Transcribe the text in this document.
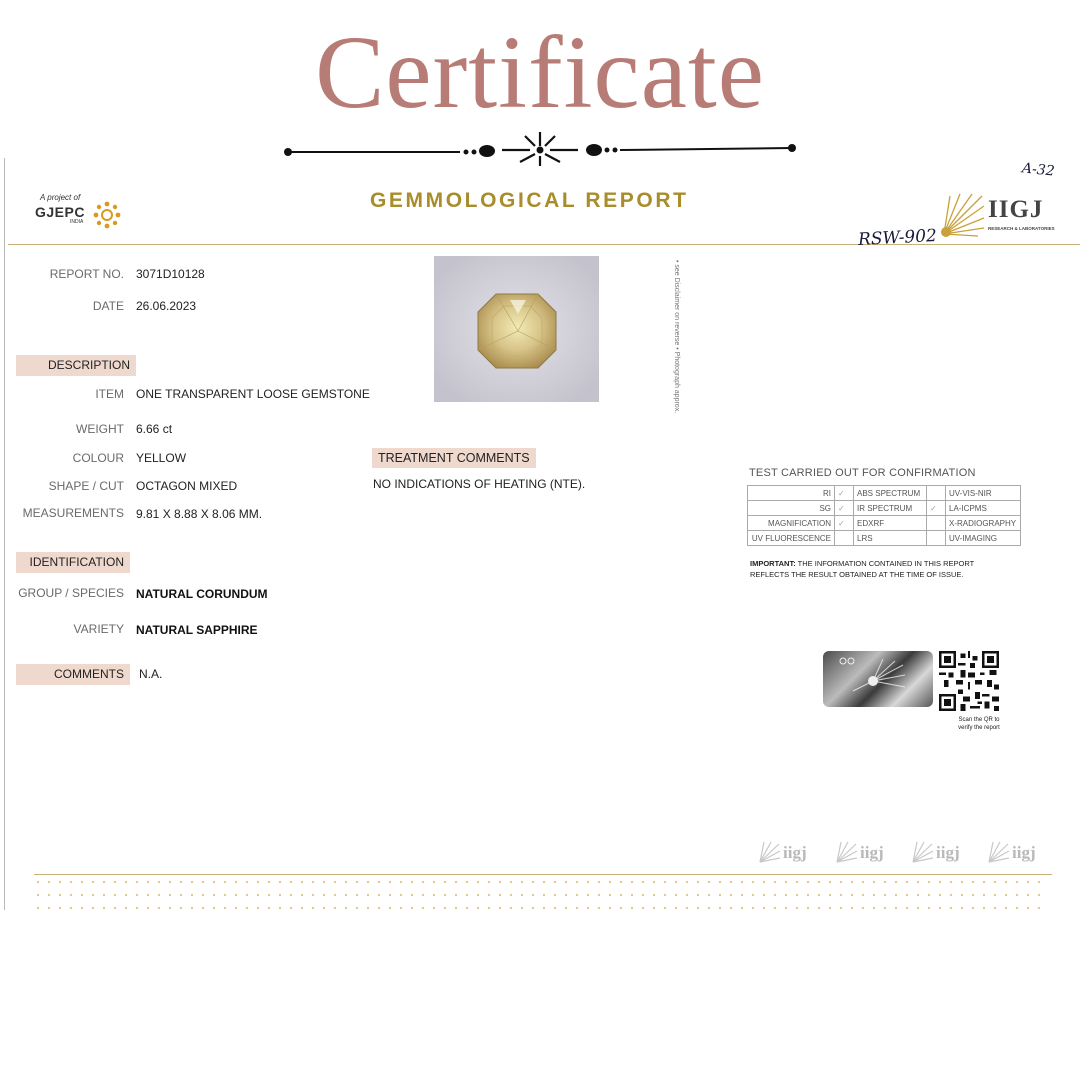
Certificate
A project of
GJEPC
INDIA
GEMMOLOGICAL REPORT	IIGJ
RESEARCH & LABORATORIES
A-32
RSW-902
REPORT NO. 3071D10128
DATE 26.06.2023
DESCRIPTION
ITEM ONE TRANSPARENT LOOSE GEMSTONE
WEIGHT 6.66 ct
COLOUR YELLOW
SHAPE / CUT OCTAGON MIXED
MEASUREMENTS 9.81 X 8.88 X 8.06 MM.
IDENTIFICATION
GROUP / SPECIES NATURAL CORUNDUM
VARIETY NATURAL SAPPHIRE
COMMENTS	N.A.
• see Disclaimer on reverse • Photograph approx.
TREATMENT COMMENTS
NO INDICATIONS OF HEATING (NTE).
TEST CARRIED OUT FOR CONFIRMATION
RI	✓	ABS SPECTRUM		UV-VIS-NIR
SG	✓	IR SPECTRUM	✓	LA-ICPMS
MAGNIFICATION	✓	EDXRF		X-RADIOGRAPHY
UV FLUORESCENCE		LRS		UV-IMAGING
IMPORTANT: THE INFORMATION CONTAINED IN THIS REPORT REFLECTS THE RESULT OBTAINED AT THE TIME OF ISSUE.
Scan the QR to
verify the report
iigj	iigj	iigj	iigj
